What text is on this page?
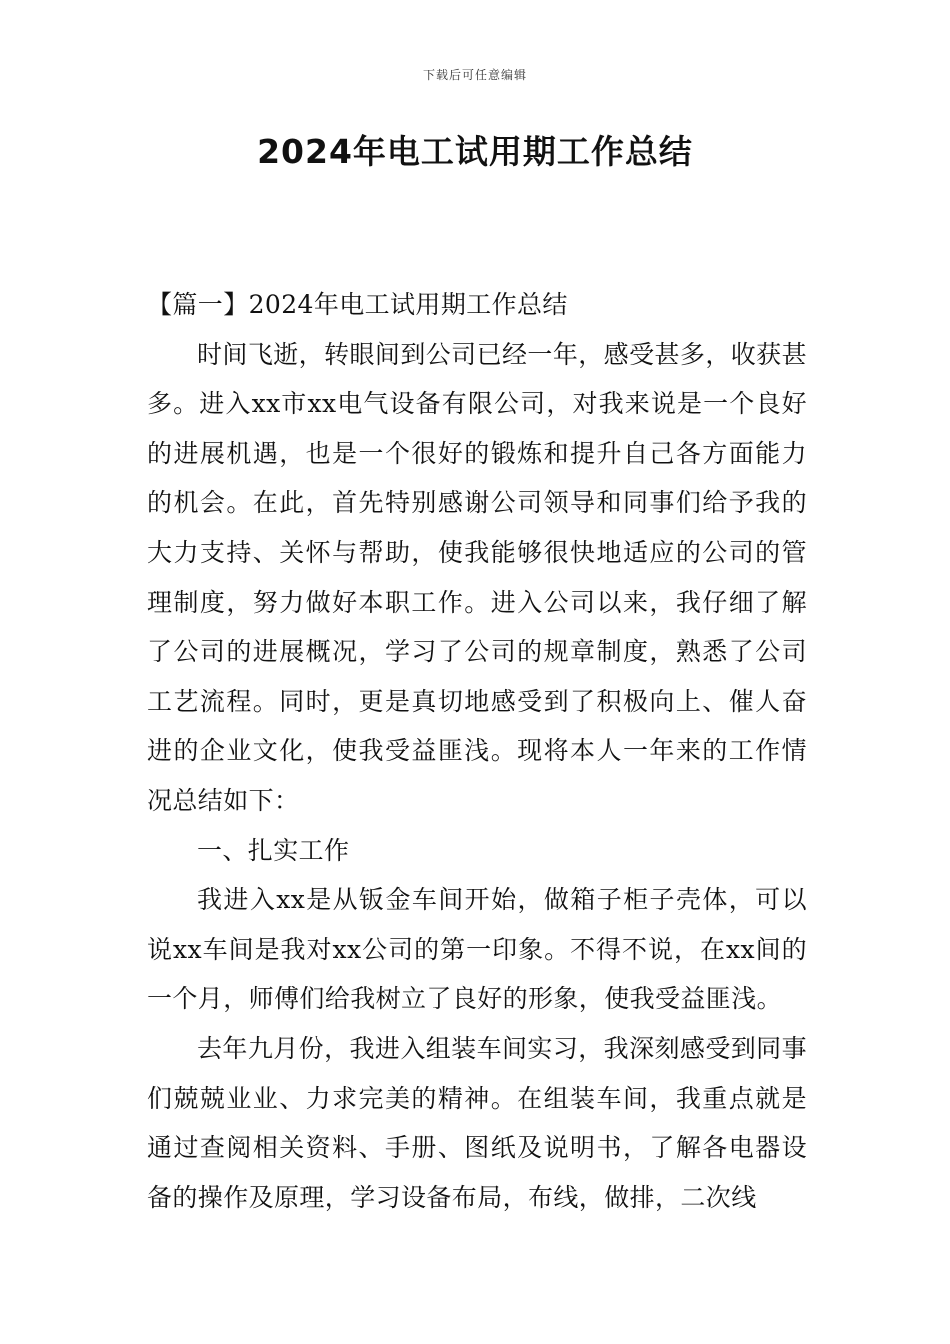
下载后可任意编辑
2024年电工试用期工作总结

【篇一】2024年电工试用期工作总结

时间飞逝，转眼间到公司已经一年，感受甚多，收获甚多。进入xx市xx电气设备有限公司，对我来说是一个良好的进展机遇，也是一个很好的锻炼和提升自己各方面能力的机会。在此，首先特别感谢公司领导和同事们给予我的大力支持、关怀与帮助，使我能够很快地适应的公司的管理制度，努力做好本职工作。进入公司以来，我仔细了解了公司的进展概况，学习了公司的规章制度，熟悉了公司工艺流程。同时，更是真切地感受到了积极向上、催人奋进的企业文化，使我受益匪浅。现将本人一年来的工作情况总结如下：

一、扎实工作

我进入xx是从钣金车间开始，做箱子柜子壳体，可以说xx车间是我对xx公司的第一印象。不得不说，在xx间的一个月，师傅们给我树立了良好的形象，使我受益匪浅。

去年九月份，我进入组装车间实习，我深刻感受到同事们兢兢业业、力求完美的精神。在组装车间，我重点就是通过查阅相关资料、手册、图纸及说明书，了解各电器设备的操作及原理，学习设备布局，布线，做排，二次线
